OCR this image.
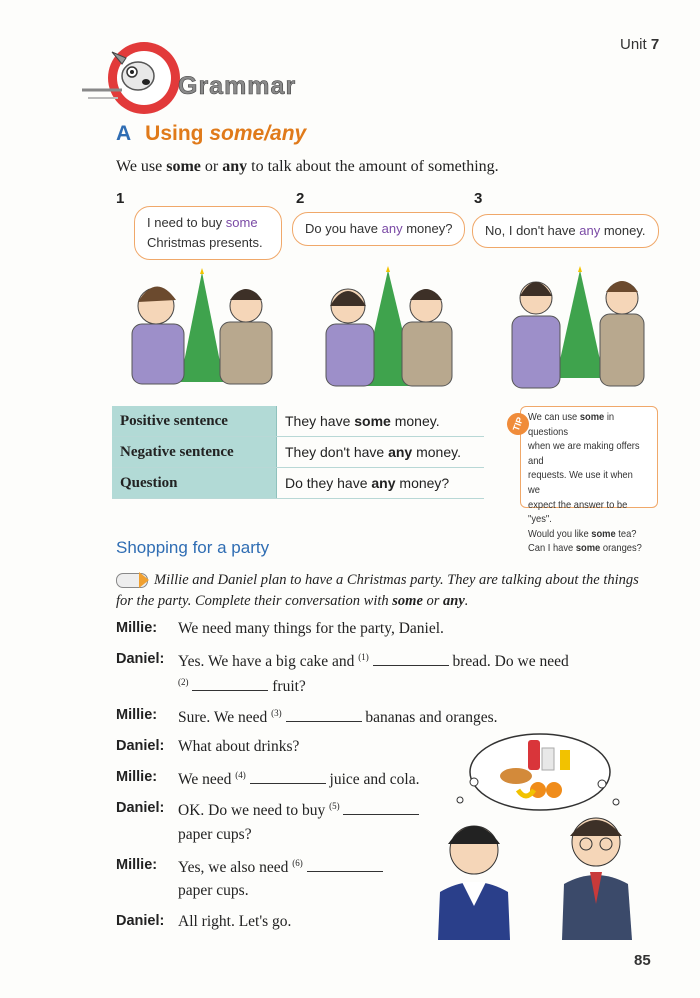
Unit 7
Grammar
A Using some/any
We use some or any to talk about the amount of something.
1	2	3
I need to buy some
Christmas presents.
Do you have any money?	No, I don't have any money.
Positive sentence	They have some money.
Negative sentence	They don't have any money.
Question	Do they have any money?
TIP We can use some in questions
when we are making offers and
requests. We use it when we
expect the answer to be "yes".
Would you like some tea?
Can I have some oranges?
Shopping for a party
Millie and Daniel plan to have a Christmas party. They are talking about the things for the party. Complete their conversation with some or any.
Millie:	We need many things for the party, Daniel.
Daniel: Yes. We have a big cake and $^{(1)}$	bread. Do we need
$^{(2)}$	fruit?
Millie:	Sure. We need $^{(3)}$	bananas and oranges.
Daniel: What about drinks?
Millie:	We need $^{(4)}$	juice and cola.
Daniel: OK. Do we need to buy $^{(5)}$
paper cups?
Millie:	Yes, we also need $^{(6)}$
paper cups.
Daniel: All right. Let's go.
85
